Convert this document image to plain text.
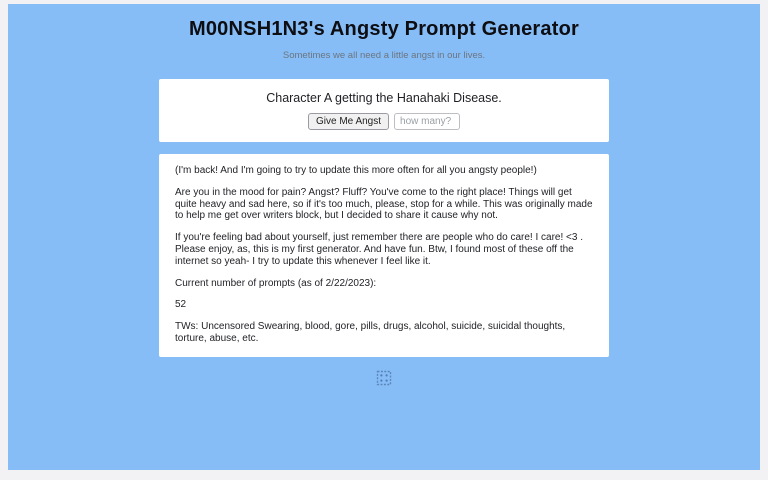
M00NSH1N3's Angsty Prompt Generator
Sometimes we all need a little angst in our lives.
Character A getting the Hanahaki Disease.
Give Me Angst
how many?

(I'm back! And I'm going to try to update this more often for all you angsty people!)

Are you in the mood for pain? Angst? Fluff? You've come to the right place! Things will get quite heavy and sad here, so if it's too much, please, stop for a while. This was originally made to help me get over writers block, but I decided to share it cause why not.

If you're feeling bad about yourself, just remember there are people who do care! I care! <3 . Please enjoy, as, this is my first generator. And have fun. Btw, I found most of these off the internet so yeah- I try to update this whenever I feel like it.

Current number of prompts (as of 2/22/2023):

52

TWs: Uncensored Swearing, blood, gore, pills, drugs, alcohol, suicide, suicidal thoughts, torture, abuse, etc.
